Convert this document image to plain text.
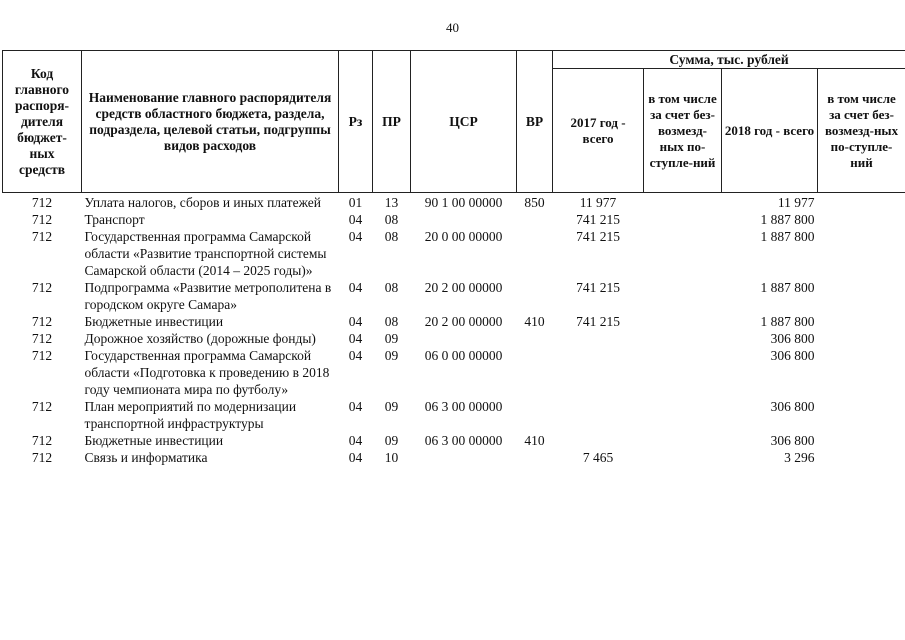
40
Код главного распоря-дителя бюджет-ных средств	Наименование главного распорядителя средств областного бюджета, раздела, подраздела, целевой статьи, подгруппы видов расходов	Рз	ПР	ЦСР	ВР	Сумма, тыс. рублей			
						2017 год - всего	в том числе за счет без-возмезд-ных по-ступле-ний	2018 год - всего	в том числе за счет без-возмезд-ных по-ступле-ний
712	Уплата налогов, сборов и иных платежей	01	13	90 1 00 00000	850	11 977		11 977	
712	Транспорт	04	08			741 215		1 887 800	
712	Государственная программа Самарской области «Развитие транспортной системы Самарской области (2014 – 2025 годы)»	04	08	20 0 00 00000		741 215		1 887 800	
712	Подпрограмма «Развитие метрополитена в городском округе Самара»	04	08	20 2 00 00000		741 215		1 887 800	
712	Бюджетные инвестиции	04	08	20 2 00 00000	410	741 215		1 887 800	
712	Дорожное хозяйство (дорожные фонды)	04	09					306 800	
712	Государственная программа Самарской области «Подготовка к проведению в 2018 году чемпионата мира по футболу»	04	09	06 0 00 00000				306 800	
712	План мероприятий по модернизации транспортной инфраструктуры	04	09	06 3 00 00000				306 800	
712	Бюджетные инвестиции	04	09	06 3 00 00000	410			306 800	
712	Связь и информатика	04	10			7 465		3 296	
